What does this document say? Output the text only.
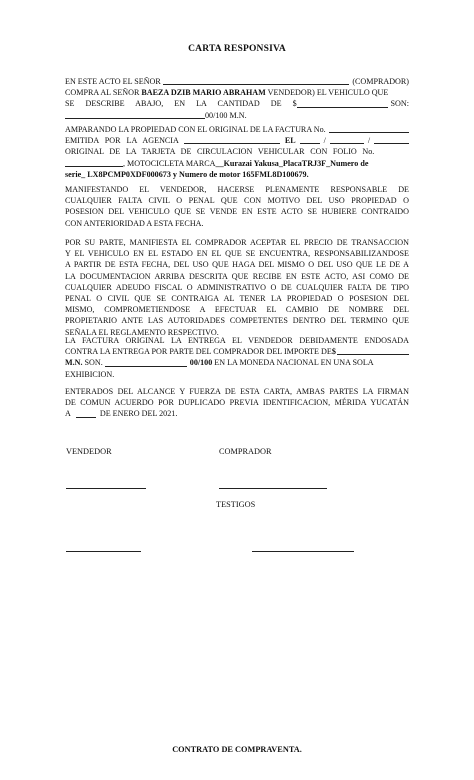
CARTA RESPONSIVA
EN ESTE ACTO EL SEÑOR	(COMPRADOR)
COMPRA AL SEÑOR BAEZA DZIB MARIO ABRAHAM VENDEDOR) EL VEHICULO QUE
SE DESCRIBE ABAJO, EN LA CANTIDAD DE $	SON:
00/100 M.N.
AMPARANDO LA PROPIEDAD CON EL ORIGINAL DE LA FACTURA No.
EMITIDA POR LA AGENCIA	EL	/	/
ORIGINAL DE LA TARJETA DE CIRCULACION VEHICULAR CON FOLIO No.
, MOTOCICLETA MARCA __Kurazai Yakusa_ Placa TRJ3F _Numero de
serie_ LX8PCMP0XDF000673 y Numero de motor 165FML8D100679.
MANIFESTANDO EL VENDEDOR, HACERSE PLENAMENTE RESPONSABLE DE
CUALQUIER FALTA CIVIL O PENAL QUE CON MOTIVO DEL USO PROPIEDAD O
POSESION DEL VEHICULO QUE SE VENDE EN ESTE ACTO SE HUBIERE CONTRAIDO
CON ANTERIORIDAD A ESTA FECHA.
POR SU PARTE, MANIFIESTA EL COMPRADOR ACEPTAR EL PRECIO DE TRANSACCION
Y EL VEHICULO EN EL ESTADO EN EL QUE SE ENCUENTRA, RESPONSABILIZANDOSE
A PARTIR DE ESTA FECHA, DEL USO QUE HAGA DEL MISMO O DEL USO QUE LE DE A
LA DOCUMENTACION ARRIBA DESCRITA QUE RECIBE EN ESTE ACTO, ASI COMO DE
CUALQUIER ADEUDO FISCAL O ADMINISTRATIVO O DE CUALQUIER FALTA DE TIPO
PENAL O CIVIL QUE SE CONTRAIGA AL TENER LA PROPIEDAD O POSESION DEL
MISMO, COMPROMETIENDOSE A EFECTUAR EL CAMBIO DE NOMBRE DEL
PROPIETARIO ANTE LAS AUTORIDADES COMPETENTES DENTRO DEL TERMINO QUE
SEÑALA EL REGLAMENTO RESPECTIVO.
LA FACTURA ORIGINAL LA ENTREGA EL VENDEDOR DEBIDAMENTE ENDOSADA
CONTRA LA ENTREGA POR PARTE DEL COMPRADOR DEL IMPORTE DE $
M.N. SON.	00/100 EN LA MONEDA NACIONAL EN UNA SOLA
EXHIBICION.
ENTERADOS DEL ALCANCE Y FUERZA DE ESTA CARTA, AMBAS PARTES LA FIRMAN
DE COMUN ACUERDO POR DUPLICADO PREVIA IDENTIFICACION, MÉRIDA YUCATÁN
A	DE ENERO DEL 2021.
VENDEDOR	COMPRADOR
TESTIGOS
CONTRATO DE COMPRAVENTA.
